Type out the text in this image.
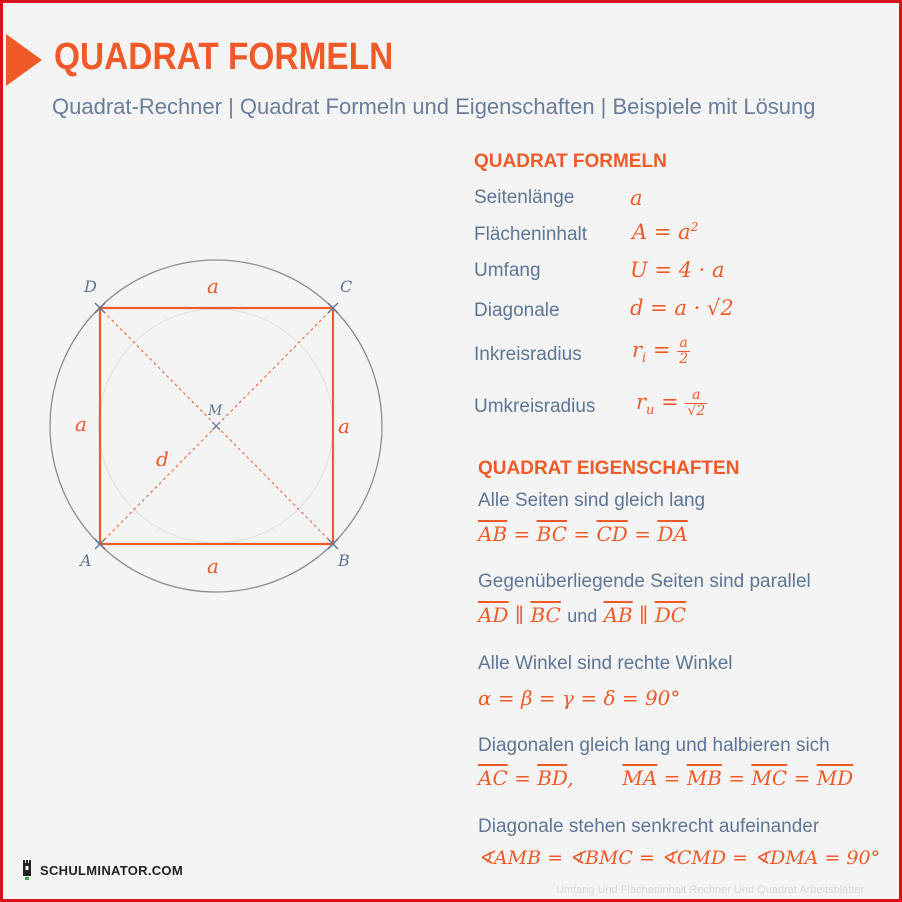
QUADRAT FORMELN
Quadrat-Rechner | Quadrat Formeln und Eigenschaften | Beispiele mit Lösung
D	C
A	B
M
a
a
a	a
d
QUADRAT FORMELN
Seitenlänge	a
Flächeninhalt $A = a^2$
Umfang	U = 4 · a
Diagonale	d = a · √2
Inkreisradius $r_i = \frac{a}{2}$
Umkreisradius $r_u = \frac{a}{√2}$
QUADRAT EIGENSCHAFTEN
Alle Seiten sind gleich lang
$\overline{AB} = \overline{BC} = \overline{CD} = \overline{DA}$
Gegenüberliegende Seiten sind parallel
$\overline{AD}$ ∥ $\overline{BC}$ und $\overline{AB}$ ∥ $\overline{DC}$
Alle Winkel sind rechte Winkel
α = β = γ = δ = 90°
Diagonalen gleich lang und halbieren sich
$\overline{AC} = \overline{BD}$, $\overline{MA} = \overline{MB} = \overline{MC} = \overline{MD}$
Diagonale stehen senkrecht aufeinander
∢AMB = ∢BMC = ∢CMD = ∢DMA = 90°
SCHULMINATOR.COM
Umfang Und Flächeninhalt Rechner Und Quadrat Arbeitsblätter
